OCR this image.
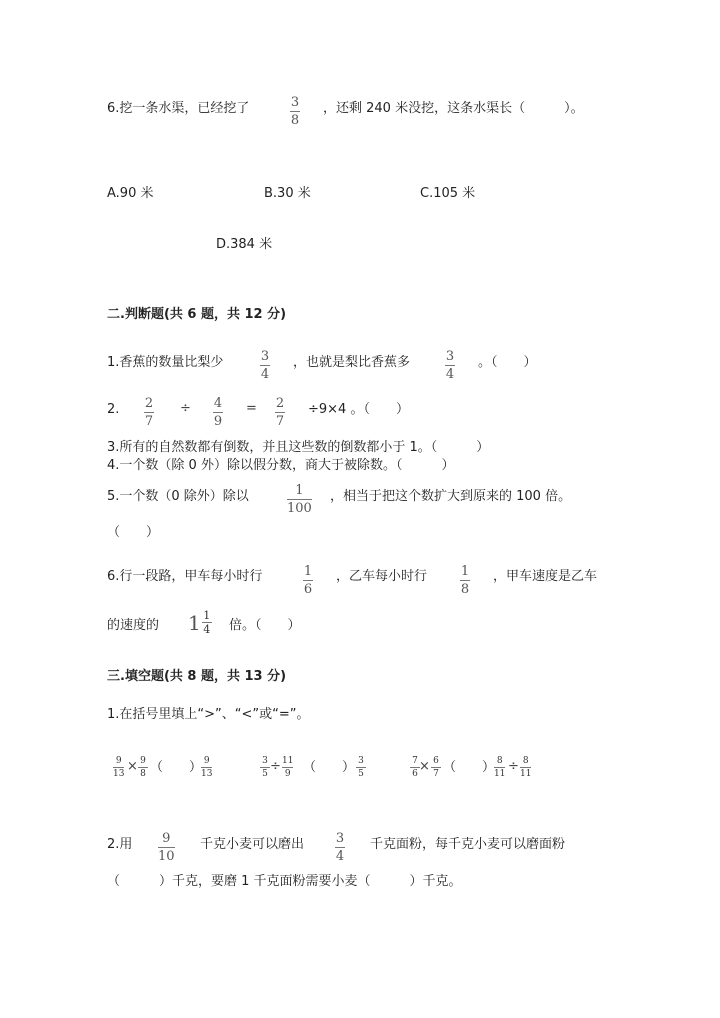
6.挖一条水渠，已经挖了	3
8
，还剩 240 米没挖，这条水渠长（　　　）。
A.90 米	B.30 米	C.105 米
D.384 米
二.判断题(共 6 题，共 12 分)
1.香蕉的数量比梨少	3
4
，也就是梨比香蕉多	3
4
。（　　）
2. 2
7
÷ 4
9
= 2
7
÷9×4 。（　　）
3.所有的自然数都有倒数，并且这些数的倒数都小于 1。（　　　）
4.一个数（除 0 外）除以假分数，商大于被除数。（　　　）
5.一个数（0 除外）除以	1
100
，相当于把这个数扩大到原来的 100 倍。
（　　）
6.行一段路，甲车每小时行	1
6
，乙车每小时行	1
8
，甲车速度是乙车
的速度的 $1 \frac{1}{4}$ 倍。（　　）
三.填空题(共 8 题，共 13 分)
1.在括号里填上“>”、“<”或“=”。
9
13 × 9
8 （　　） 9
13
3
5 ÷ 11
9 （　　） 3
5
7
6 × 6
7 （　　） 8
11 ÷ 8
11
2.用 9
10
千克小麦可以磨出 3
4
千克面粉，每千克小麦可以磨面粉
（　　　）千克，要磨 1 千克面粉需要小麦（　　　）千克。
